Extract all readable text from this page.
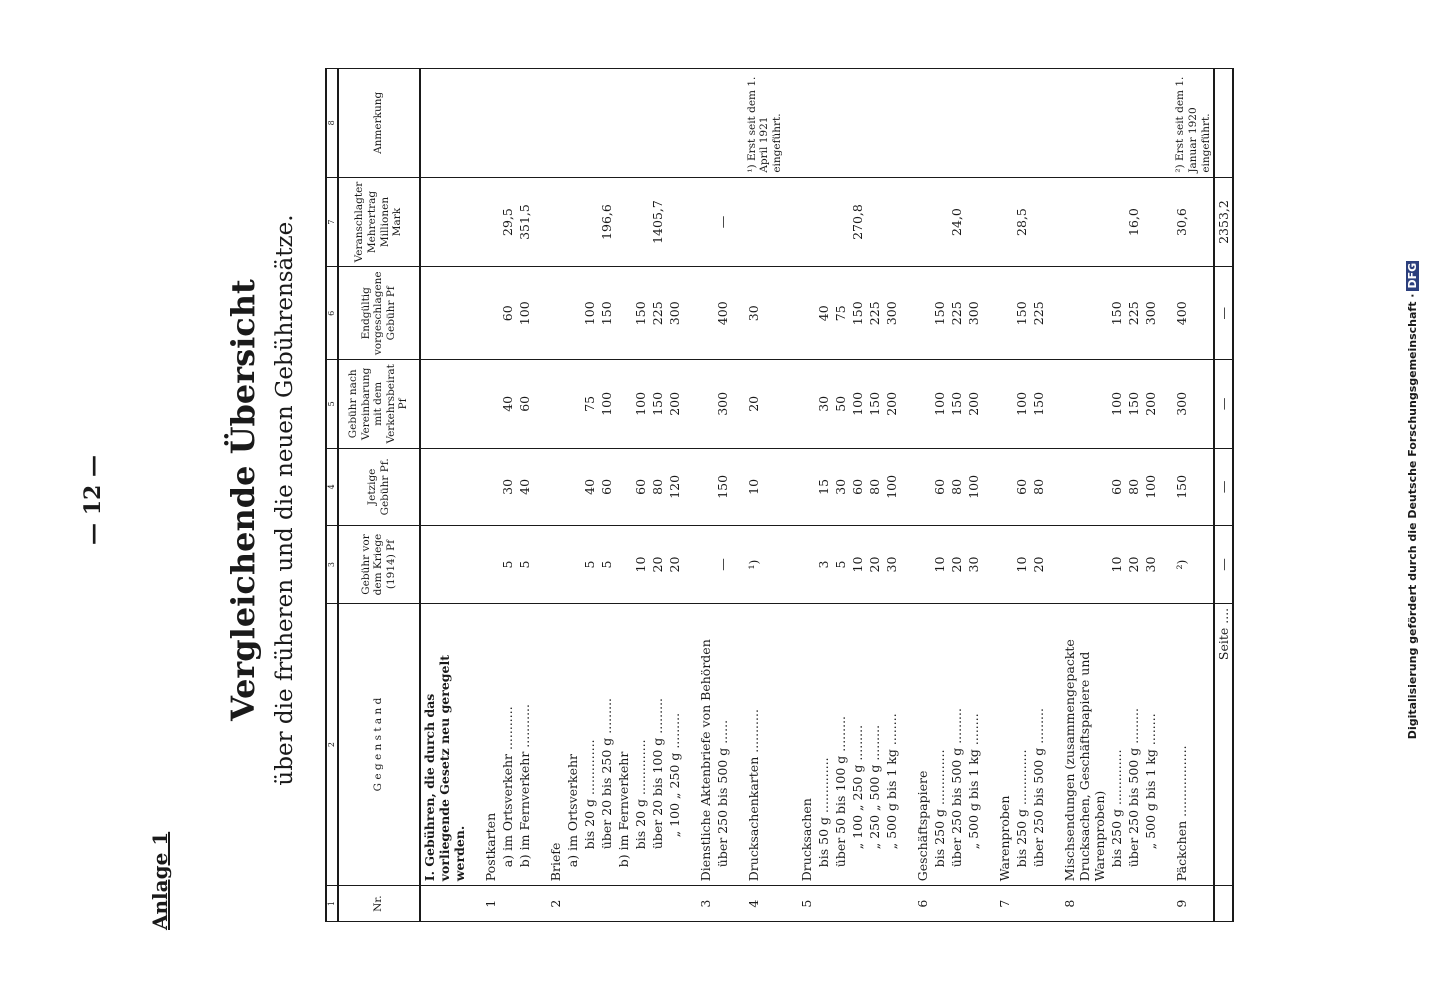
Anlage 1
— 12 —	Vergleichende Übersicht über die früheren und die neuen Gebührensätze.
1	2	3	4	5	6	7	8
Nr.	G e g e n s t a n d	Gebühr vor dem Kriege (1914) Pf	Jetzige Gebühr Pf.	Gebühr nach Vereinbarung mit dem Verkehrsbeirat Pf	Endgültig vorgeschlagene Gebühr Pf	Veranschlagter Mehrertrag Millionen Mark	Anmerkung
	I. Gebühren, die durch das vorliegende Gesetz neu geregelt werden.						

1	Postkarten						

	a) im Ortsverkehr ...........	5	30	40	60	29,5	

	b) im Fernverkehr ...........	5	40	60	100	351,5	

2	Briefe						

	a) im Ortsverkehr						

	bis 20 g ..............	5	40	75	100		

	über 20 bis 250 g .........	5	60	100	150	196,6	

	b) im Fernverkehr						

	bis 20 g ..............	10	60	100	150		

	über 20 bis 100 g .........	20	80	150	225	1405,7	

	„ 100 „ 250 g .........	20	120	200	300		

3	Dienstliche Aktenbriefe von Behörden						

	über 250 bis 500 g ......	—	150	300	400	—	

4	Drucksachenkarten ...........	¹)	10	20	30		¹) Erst seit dem 1. April 1921 eingeführt.

5	Drucksachen						

	bis 50 g ..............	3	15	30	40		

	über 50 bis 100 g .........	5	30	50	75		

	„ 100 „ 250 g .........	10	60	100	150	270,8	

	„ 250 „ 500 g .........	20	80	150	225		

	„ 500 g bis 1 kg ........	30	100	200	300		

6	Geschäftspapiere						

	bis 250 g ..............	10	60	100	150		

	über 250 bis 500 g .........	20	80	150	225	24,0	

	„ 500 g bis 1 kg ........	30	100	200	300		

7	Warenproben						

	bis 250 g ..............	10	60	100	150	28,5	

	über 250 bis 500 g .........	20	80	150	225		

8	Mischsendungen (zusammengepackte Drucksachen, Geschäftspapiere und Warenproben)						

	bis 250 g ..............	10	60	100	150		

	über 250 bis 500 g .........	20	80	150	225	16,0	

	„ 500 g bis 1 kg ........	30	100	200	300		

9	Päckchen ..................	²)	150	300	400	30,6	²) Erst seit dem 1. Januar 1920 eingeführt.
	Seite ....	—	—	—	—	2353,2	
Digitalisierung gefördert durch die Deutsche Forschungsgemeinschaft ·DFG
